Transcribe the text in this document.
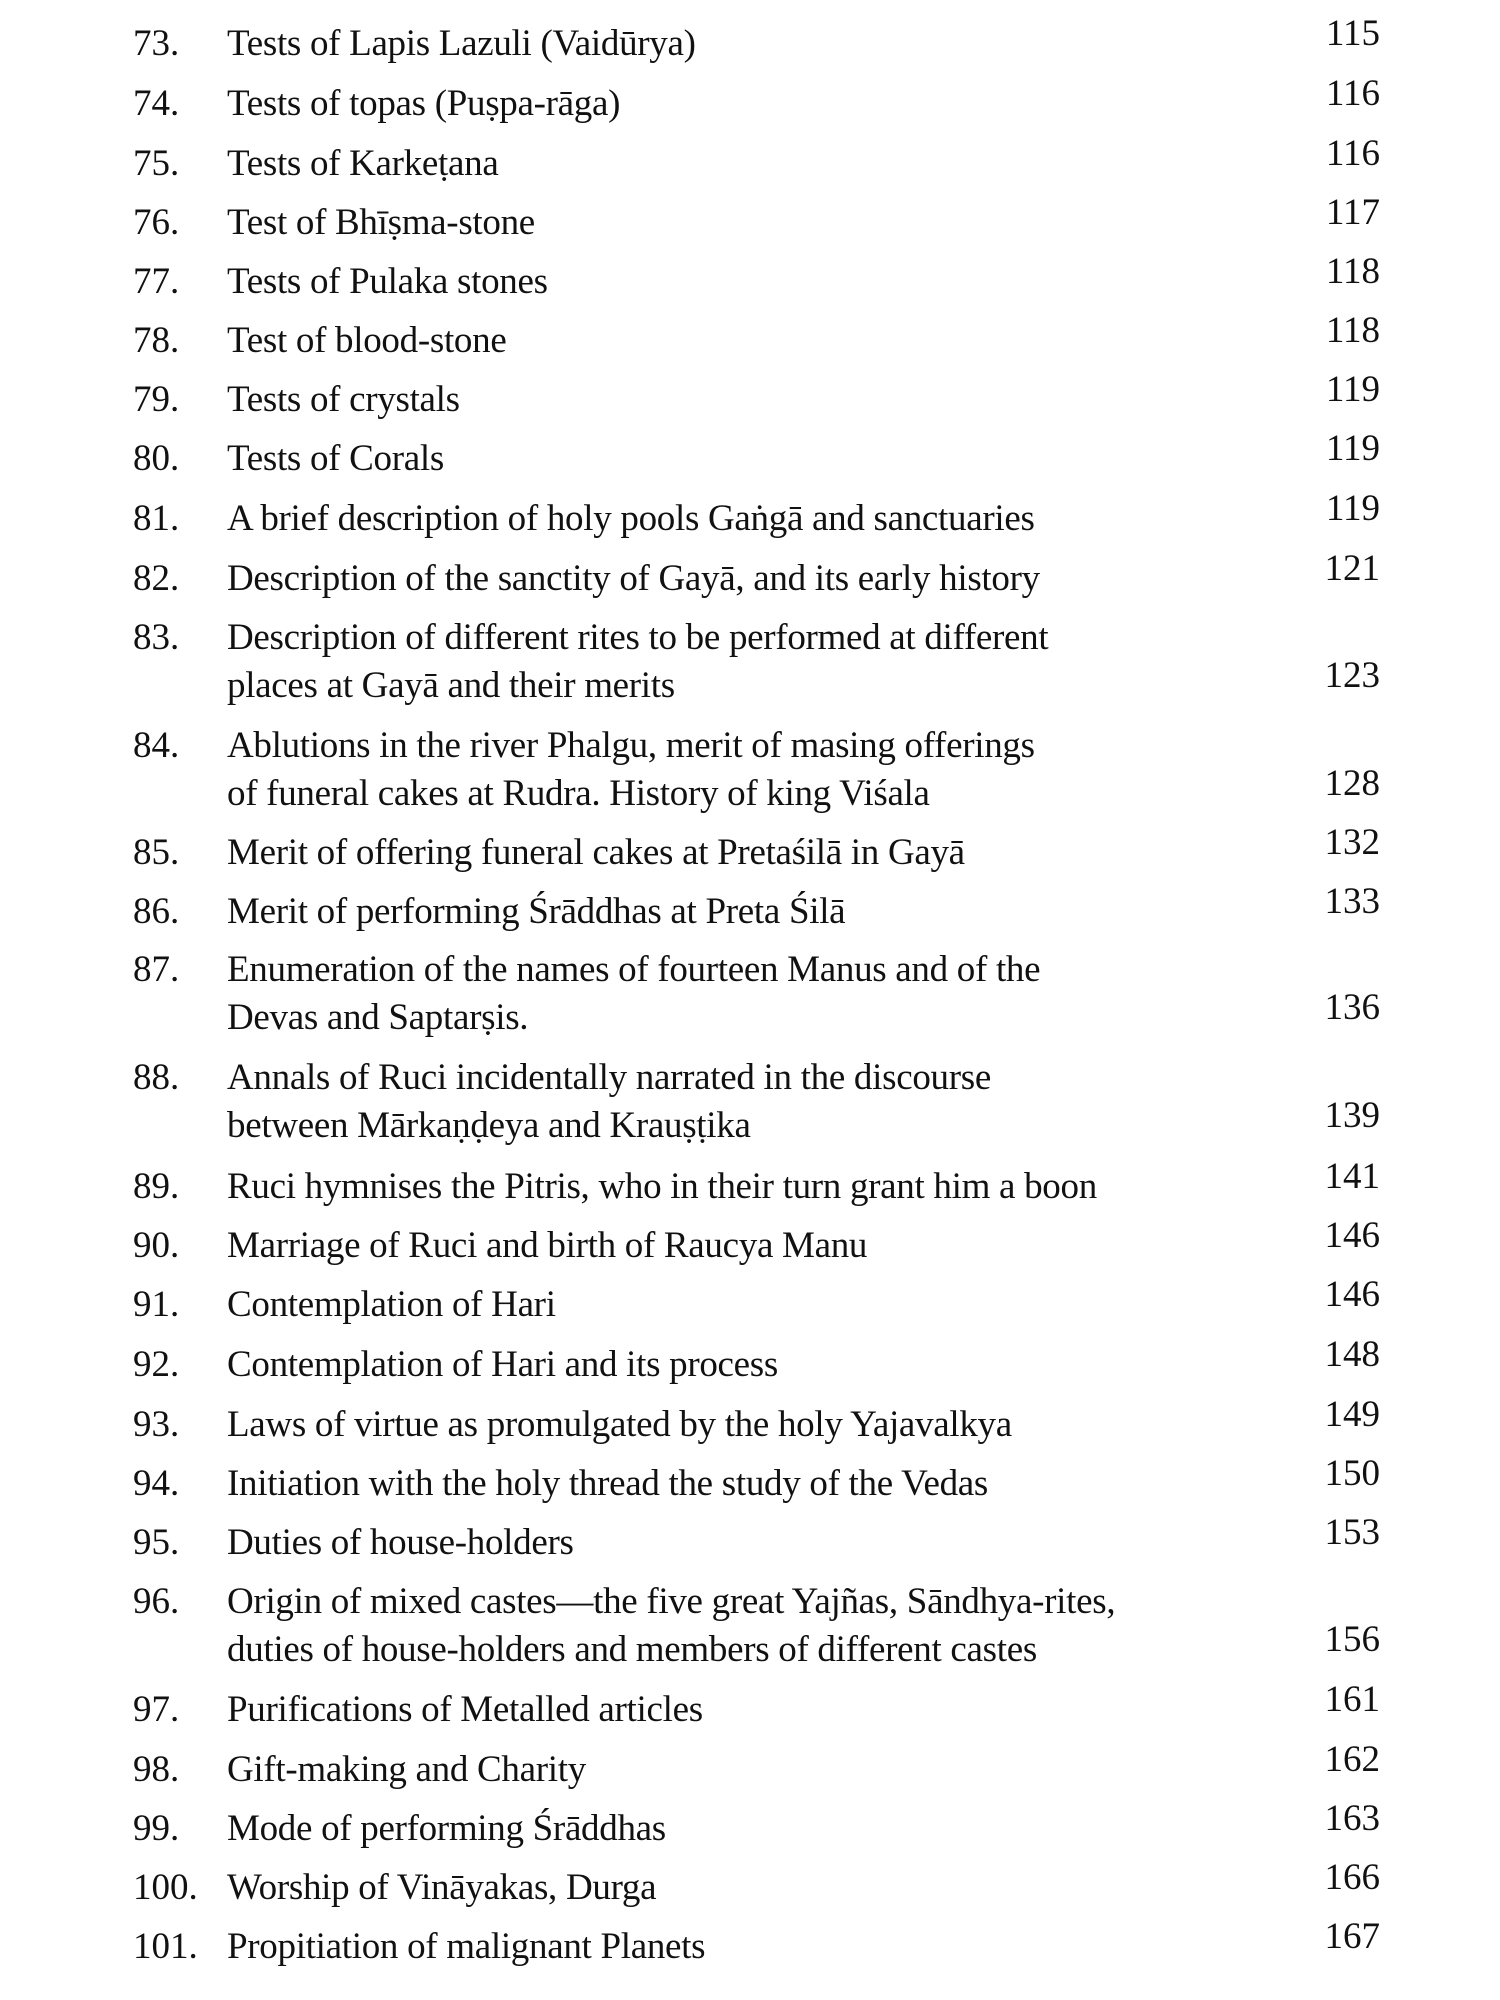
73. Tests of Lapis Lazuli (Vaidūrya)	115
74. Tests of topas (Puṣpa-rāga)	116
75. Tests of Karkeṭana	116
76. Test of Bhīṣma-stone	117
77. Tests of Pulaka stones	118
78. Test of blood-stone	118
79. Tests of crystals	119
80. Tests of Corals	119
81. A brief description of holy pools Gaṅgā and sanctuaries	119
82. Description of the sanctity of Gayā, and its early history	121
83. Description of different rites to be performed at different
places at Gayā and their merits	123
84. Ablutions in the river Phalgu, merit of masing offerings
of funeral cakes at Rudra. History of king Viśala	128
85. Merit of offering funeral cakes at Pretaśilā in Gayā	132
86. Merit of performing Śrāddhas at Preta Śilā	133
87. Enumeration of the names of fourteen Manus and of the
Devas and Saptarṣis.	136
88. Annals of Ruci incidentally narrated in the discourse
between Mārkaṇḍeya and Krauṣṭika	139
89. Ruci hymnises the Pitris, who in their turn grant him a boon	141
90. Marriage of Ruci and birth of Raucya Manu	146
91. Contemplation of Hari	146
92. Contemplation of Hari and its process	148
93. Laws of virtue as promulgated by the holy Yajavalkya	149
94. Initiation with the holy thread the study of the Vedas	150
95. Duties of house-holders	153
96. Origin of mixed castes—the five great Yajñas, Sāndhya-rites,
duties of house-holders and members of different castes	156
97. Purifications of Metalled articles	161
98. Gift-making and Charity	162
99. Mode of performing Śrāddhas	163
100. Worship of Vināyakas, Durga	166
101. Propitiation of malignant Planets	167
